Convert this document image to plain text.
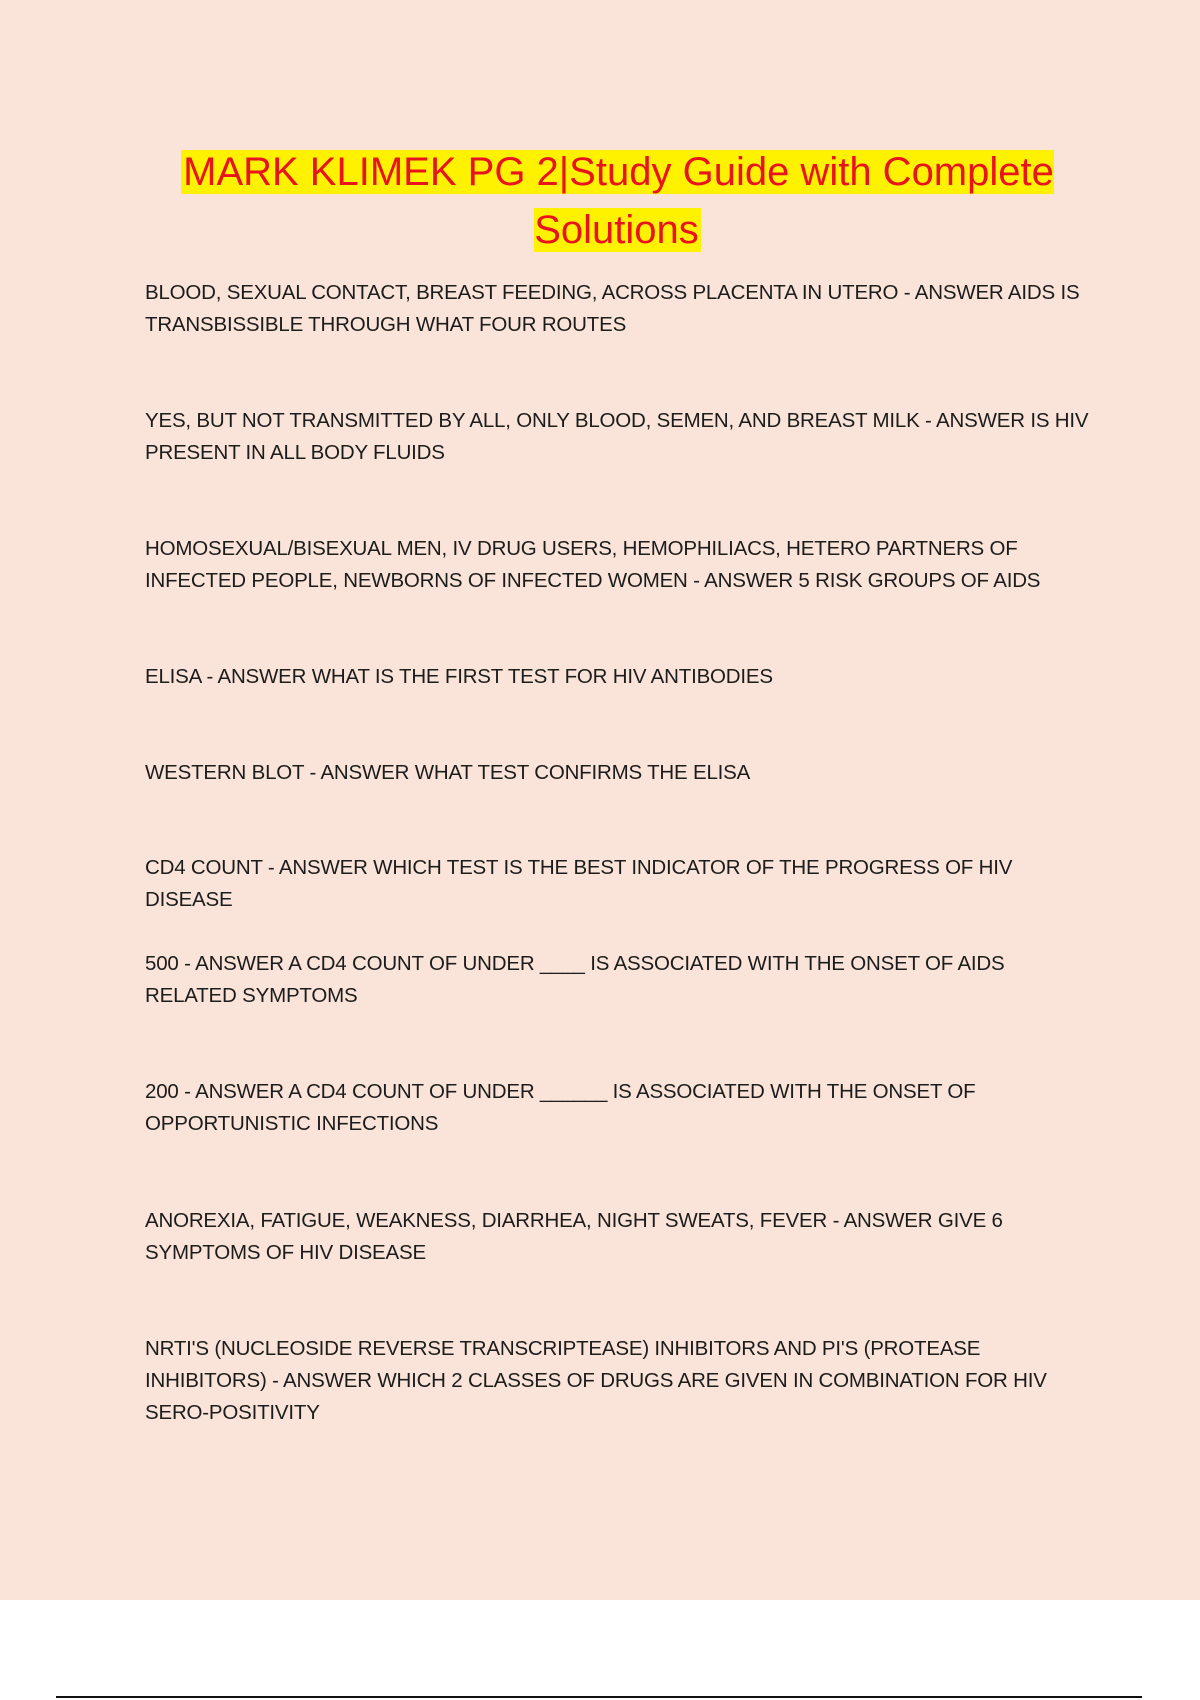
MARK KLIMEK PG 2|Study Guide with Complete Solutions
BLOOD, SEXUAL CONTACT, BREAST FEEDING, ACROSS PLACENTA IN UTERO - ANSWER AIDS IS TRANSBISSIBLE THROUGH WHAT FOUR ROUTES
YES, BUT NOT TRANSMITTED BY ALL, ONLY BLOOD, SEMEN, AND BREAST MILK - ANSWER IS HIV PRESENT IN ALL BODY FLUIDS
HOMOSEXUAL/BISEXUAL MEN, IV DRUG USERS, HEMOPHILIACS, HETERO PARTNERS OF INFECTED PEOPLE, NEWBORNS OF INFECTED WOMEN - ANSWER 5 RISK GROUPS OF AIDS
ELISA - ANSWER WHAT IS THE FIRST TEST FOR HIV ANTIBODIES
WESTERN BLOT - ANSWER WHAT TEST CONFIRMS THE ELISA
CD4 COUNT - ANSWER WHICH TEST IS THE BEST INDICATOR OF THE PROGRESS OF HIV DISEASE
500 - ANSWER A CD4 COUNT OF UNDER ____ IS ASSOCIATED WITH THE ONSET OF AIDS RELATED SYMPTOMS
200 - ANSWER A CD4 COUNT OF UNDER ______ IS ASSOCIATED WITH THE ONSET OF OPPORTUNISTIC INFECTIONS
ANOREXIA, FATIGUE, WEAKNESS, DIARRHEA, NIGHT SWEATS, FEVER - ANSWER GIVE 6 SYMPTOMS OF HIV DISEASE
NRTI'S (NUCLEOSIDE REVERSE TRANSCRIPTEASE) INHIBITORS AND PI'S (PROTEASE INHIBITORS) - ANSWER WHICH 2 CLASSES OF DRUGS ARE GIVEN IN COMBINATION FOR HIV SERO-POSITIVITY
